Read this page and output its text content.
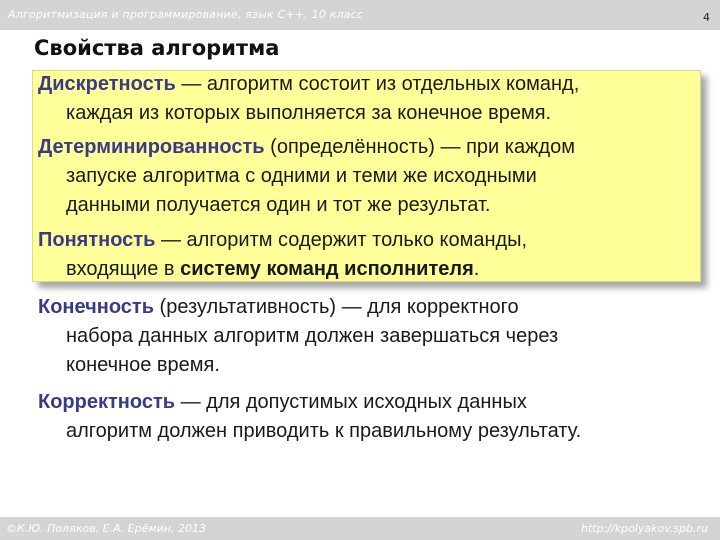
Алгоритмизация и программирование, язык C++, 10 класс	4
Свойства алгоритма
Дискретность — алгоритм состоит из отдельных команд,
каждая из которых выполняется за конечное время.
Детерминированность (определённость) — при каждом
запуске алгоритма с одними и теми же исходными
данными получается один и тот же результат.
Понятность — алгоритм содержит только команды,
входящие в систему команд исполнителя.
Конечность (результативность) — для корректного
набора данных алгоритм должен завершаться через
конечное время.
Корректность — для допустимых исходных данных
алгоритм должен приводить к правильному результату.
©К.Ю. Поляков, Е.А. Ерёмин, 2013	http://kpolyakov.spb.ru
